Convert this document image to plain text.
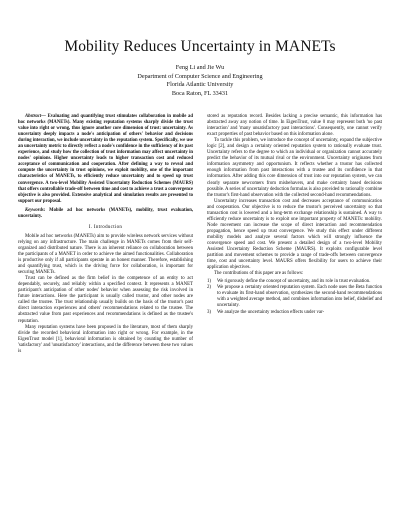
Mobility Reduces Uncertainty in MANETs
Feng Li and Jie Wu
Department of Computer Science and Engineering
Florida Atlantic University
Boca Raton, FL 33431

Abstract— Evaluating and quantifying trust stimulates collaboration in mobile ad hoc networks (MANETs). Many existing reputation systems sharply divide the trust value into right or wrong, thus ignore another core dimension of trust: uncertainty. As uncertainty deeply impacts a node's anticipation of others' behavior and decisions during interaction, we include uncertainty in the reputation system. Specifically, we use an uncertainty metric to directly reflect a node's confidence in the sufficiency of its past experience, and study how the collection of trust information may affect uncertainty in nodes' opinions. Higher uncertainty leads to higher transaction cost and reduced acceptance of communication and cooperation. After defining a way to reveal and compute the uncertainty in trust opinions, we exploit mobility, one of the important characteristics of MANETs, to efficiently reduce uncertainty and to speed up trust convergence. A two-level Mobility Assisted Uncertainty Reduction Schemes (MAURS) that offers controllable trade-off between time and cost to achieve a trust a convergence objective is also provided. Extensive analytical and simulation results are presented to support our proposal.

Keywords: Mobile ad hoc networks (MANETs), mobility, trust evaluation, uncertainty.

I. Introduction

Mobile ad hoc networks (MANETs) aim to provide wireless network services without relying on any infrastructure. The main challenge in MANETs comes from their self-organized and distributed nature. There is an inherent reliance on collaboration between the participants of a MANET in order to achieve the aimed functionalities. Collaboration is productive only if all participants operate in an honest manner. Therefore, establishing and quantifying trust, which is the driving force for collaboration, is important for securing MANETs.

Trust can be defined as the firm belief in the competence of an entity to act dependably, securely, and reliably within a specified context. It represents a MANET participant's anticipation of other nodes' behavior when assessing the risk involved in future interactions. Here the participant is usually called trustor, and other nodes are called the trustee. The trust relationship usually builds on the basis of the trustor's past direct interaction experiences and others' recommendations related to the trustee. The abstracted value from past experiences and recommendations is defined as the trustee's reputation.

Many reputation systems have been proposed in the literature, most of them sharply divide the recorded behavioral information into right or wrong. For example, in the EigenTrust model [1], behavioral information is obtained by counting the number of 'satisfactory' and 'unsatisfactory' interactions, and the difference between these two values is

stored as reputation record. Besides lacking a precise semantic, this information has abstracted away any notion of time. In EigenTrust, value 0 may represent both 'no past interaction' and 'many unsatisfactory past interactions'. Consequently, one cannot verify exact properties of past behavior based on this information alone.

To tackle this problem, we introduce the concept of uncertainty, expand the subjective logic [2], and design a certainty oriented reputation system to rationally evaluate trust. Uncertainty refers to the degree to which an individual or organization cannot accurately predict the behavior of its mutual rival or the environment. Uncertainty originates from information asymmetry and opportunism. It reflects whether a trustor has collected enough information from past interactions with a trustee and its confidence in that information. After adding this core dimension of trust into our reputation system, we can clearly separate newcomers from misbehavers, and make certainty based decisions possible. A series of uncertainty deduction formulas is also provided to rationally combine the trustor's first-hand observation with the collected second-hand recommendations.

Uncertainty increases transaction cost and decreases acceptance of communication and cooperation. Our objective is to reduce the trustor's perceived uncertainty so that transaction cost is lowered and a long-term exchange relationship is sustained. A way to efficiently reduce uncertainty is to exploit one important property of MANETs: mobility. Node movement can increase the scope of direct interaction and recommendation propagation, hence speed up trust convergence. We study this effect under different mobility models and analyze several factors which will strongly influence the convergence speed and cost. We present a detailed design of a two-level Mobility Assisted Uncertainty Reduction Scheme (MAURS). It exploits configurable level partition and movement schemes to provide a range of trade-offs between convergence time, cost and uncertainty level. MAURS offers flexibility for users to achieve their application objectives.

The contributions of this paper are as follows:

1) We rigorously define the concept of uncertainty, and its role in trust evaluation.
2) We propose a certainty oriented reputation system. Each node uses the Beta function to evaluate its first-hand observation, synthesizes the second-hand recommendations with a weighted average method, and combines information into belief, disbelief and uncertainty.
3) We analyze the uncertainty reduction effects under var-
